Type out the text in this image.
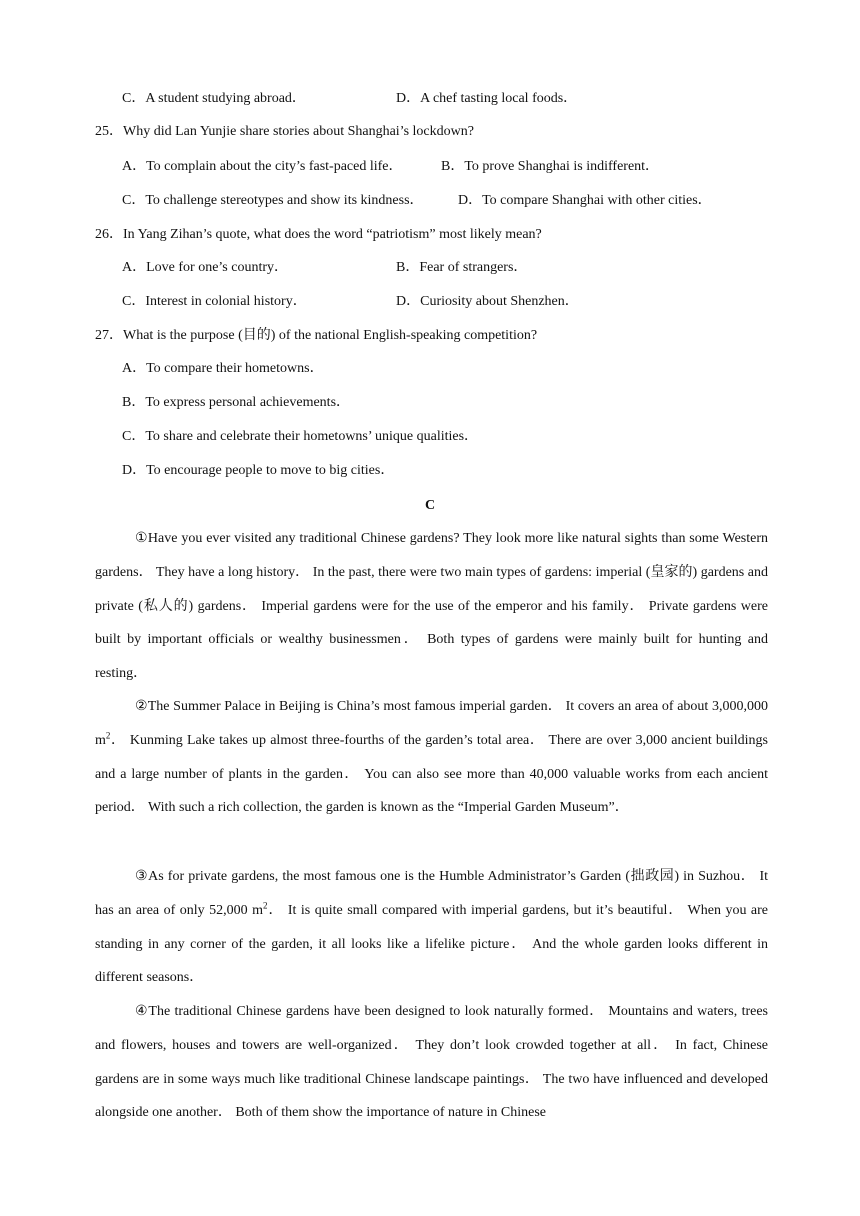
C．A student studying abroad．	D．A chef tasting local foods．
25．Why did Lan Yunjie share stories about Shanghai’s lockdown?
A．To complain about the city’s fast-paced life．	B．To prove Shanghai is indifferent．
C．To challenge stereotypes and show its kindness． D．To compare Shanghai with other cities．
26．In Yang Zihan’s quote, what does the word “patriotism” most likely mean?
A．Love for one’s country．	B．Fear of strangers．
C．Interest in colonial history．	D．Curiosity about Shenzhen．
27．What is the purpose (目的) of the national English-speaking competition?
A．To compare their hometowns．
B．To express personal achievements．
C．To share and celebrate their hometowns’ unique qualities．
D．To encourage people to move to big cities．
C
①Have you ever visited any traditional Chinese gardens? They look more like natural sights than some Western gardens． They have a long history． In the past, there were two main types of gardens: imperial (皇家的) gardens and private (私人的) gardens． Imperial gardens were for the use of the emperor and his family． Private gardens were built by important officials or wealthy businessmen． Both types of gardens were mainly built for hunting and resting．
②The Summer Palace in Beijing is China’s most famous imperial garden． It covers an area of about 3,000,000 $m^2$． Kunming Lake takes up almost three-fourths of the garden’s total area． There are over 3,000 ancient buildings and a large number of plants in the garden． You can also see more than 40,000 valuable works from each ancient period． With such a rich collection, the garden is known as the “Imperial Garden Museum”．
③As for private gardens, the most famous one is the Humble Administrator’s Garden (拙政园) in Suzhou． It has an area of only 52,000 $m^2$． It is quite small compared with imperial gardens, but it’s beautiful． When you are standing in any corner of the garden, it all looks like a lifelike picture． And the whole garden looks different in different seasons．
④The traditional Chinese gardens have been designed to look naturally formed． Mountains and waters, trees and flowers, houses and towers are well-organized． They don’t look crowded together at all． In fact, Chinese gardens are in some ways much like traditional Chinese landscape paintings． The two have influenced and developed alongside one another． Both of them show the importance of nature in Chinese
